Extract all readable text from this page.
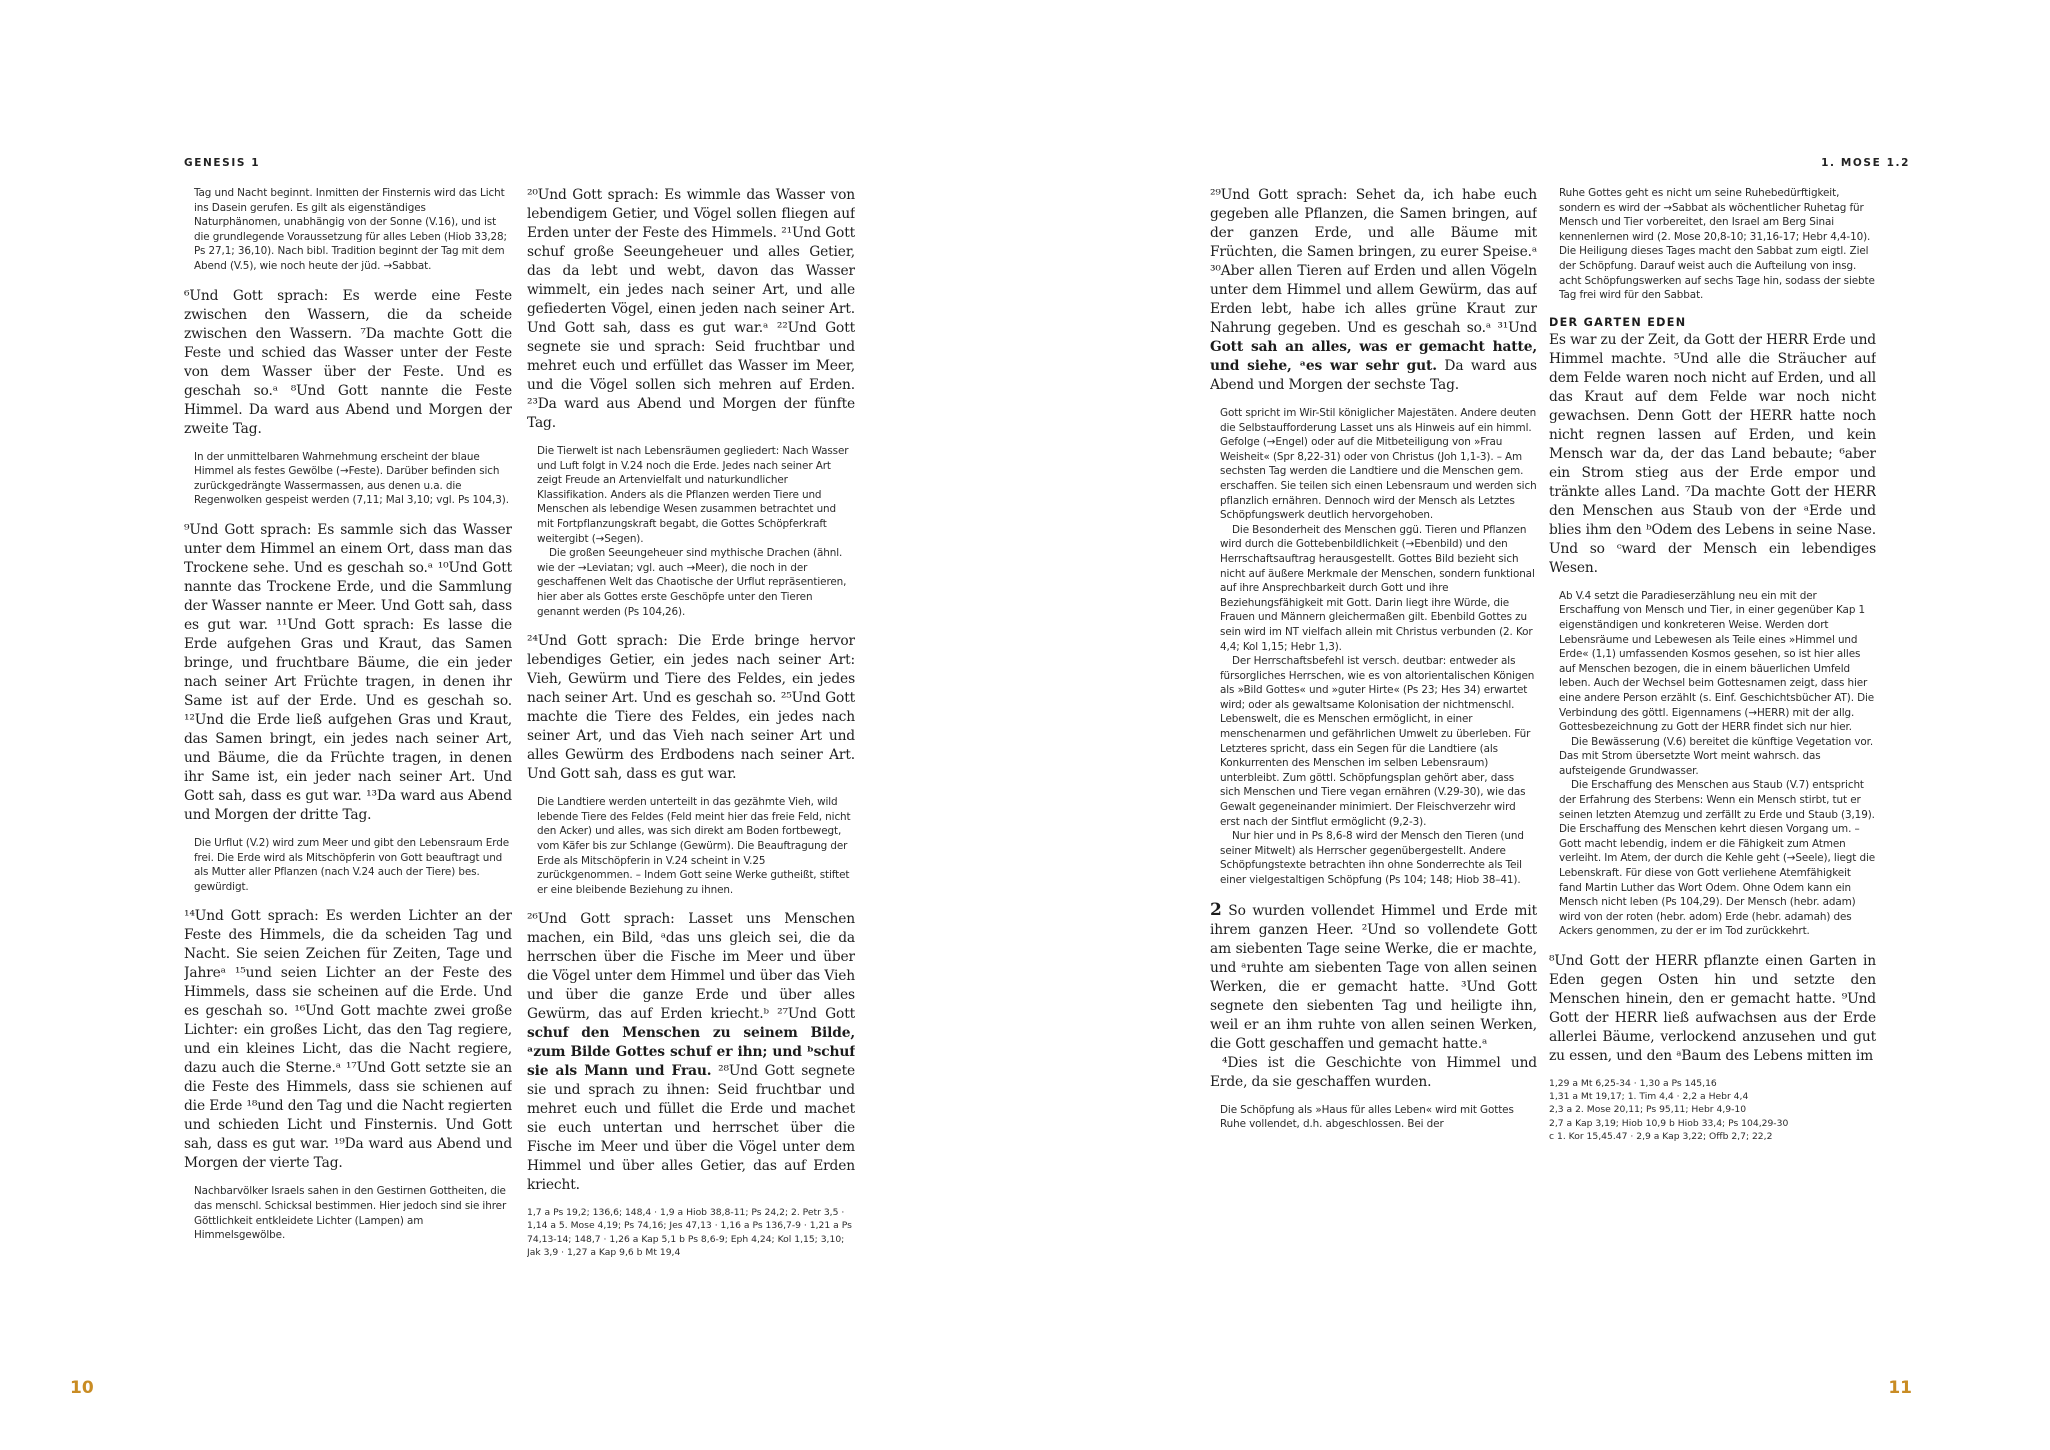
GENESIS 1
Tag und Nacht beginnt. Inmitten der Finsternis wird das Licht ins Dasein gerufen. Es gilt als eigenständiges Naturphänomen, unabhängig von der Sonne (V.16), und ist die grundlegende Voraussetzung für alles Leben (Hiob 33,28; Ps 27,1; 36,10). Nach bibl. Tradition beginnt der Tag mit dem Abend (V.5), wie noch heute der jüd. →Sabbat.
⁶Und Gott sprach: Es werde eine Feste zwischen den Wassern, die da scheide zwischen den Wassern. ⁷Da machte Gott die Feste und schied das Wasser unter der Feste von dem Wasser über der Feste. Und es geschah so.ᵃ ⁸Und Gott nannte die Feste Himmel. Da ward aus Abend und Morgen der zweite Tag.
In der unmittelbaren Wahrnehmung erscheint der blaue Himmel als festes Gewölbe (→Feste). Darüber befinden sich zurückgedrängte Wassermassen, aus denen u.a. die Regenwolken gespeist werden (7,11; Mal 3,10; vgl. Ps 104,3).
⁹Und Gott sprach: Es sammle sich das Wasser unter dem Himmel an einem Ort, dass man das Trockene sehe. Und es geschah so.ᵃ ¹⁰Und Gott nannte das Trockene Erde, und die Sammlung der Wasser nannte er Meer. Und Gott sah, dass es gut war. ¹¹Und Gott sprach: Es lasse die Erde aufgehen Gras und Kraut, das Samen bringe, und fruchtbare Bäume, die ein jeder nach seiner Art Früchte tragen, in denen ihr Same ist auf der Erde. Und es geschah so. ¹²Und die Erde ließ aufgehen Gras und Kraut, das Samen bringt, ein jedes nach seiner Art, und Bäume, die da Früchte tragen, in denen ihr Same ist, ein jeder nach seiner Art. Und Gott sah, dass es gut war. ¹³Da ward aus Abend und Morgen der dritte Tag.
Die Urflut (V.2) wird zum Meer und gibt den Lebensraum Erde frei. Die Erde wird als Mitschöpferin von Gott beauftragt und als Mutter aller Pflanzen (nach V.24 auch der Tiere) bes. gewürdigt.
¹⁴Und Gott sprach: Es werden Lichter an der Feste des Himmels, die da scheiden Tag und Nacht. Sie seien Zeichen für Zeiten, Tage und Jahreᵃ ¹⁵und seien Lichter an der Feste des Himmels, dass sie scheinen auf die Erde. Und es geschah so. ¹⁶Und Gott machte zwei große Lichter: ein großes Licht, das den Tag regiere, und ein kleines Licht, das die Nacht regiere, dazu auch die Sterne.ᵃ ¹⁷Und Gott setzte sie an die Feste des Himmels, dass sie schienen auf die Erde ¹⁸und den Tag und die Nacht regierten und schieden Licht und Finsternis. Und Gott sah, dass es gut war. ¹⁹Da ward aus Abend und Morgen der vierte Tag.
Nachbarvölker Israels sahen in den Gestirnen Gottheiten, die das menschl. Schicksal bestimmen. Hier jedoch sind sie ihrer Göttlichkeit entkleidete Lichter (Lampen) am Himmelsgewölbe.
²⁰Und Gott sprach: Es wimmle das Wasser von lebendigem Getier, und Vögel sollen fliegen auf Erden unter der Feste des Himmels. ²¹Und Gott schuf große Seeungeheuer und alles Getier, das da lebt und webt, davon das Wasser wimmelt, ein jedes nach seiner Art, und alle gefiederten Vögel, einen jeden nach seiner Art. Und Gott sah, dass es gut war.ᵃ ²²Und Gott segnete sie und sprach: Seid fruchtbar und mehret euch und erfüllet das Wasser im Meer, und die Vögel sollen sich mehren auf Erden. ²³Da ward aus Abend und Morgen der fünfte Tag.

Die Tierwelt ist nach Lebensräumen gegliedert: Nach Wasser und Luft folgt in V.24 noch die Erde. Jedes nach seiner Art zeigt Freude an Artenvielfalt und naturkundlicher Klassifikation. Anders als die Pflanzen werden Tiere und Menschen als lebendige Wesen zusammen betrachtet und mit Fortpflanzungskraft begabt, die Gottes Schöpferkraft weitergibt (→Segen).

Die großen Seeungeheuer sind mythische Drachen (ähnl. wie der →Leviatan; vgl. auch →Meer), die noch in der geschaffenen Welt das Chaotische der Urflut repräsentieren, hier aber als Gottes erste Geschöpfe unter den Tieren genannt werden (Ps 104,26).

²⁴Und Gott sprach: Die Erde bringe hervor lebendiges Getier, ein jedes nach seiner Art: Vieh, Gewürm und Tiere des Feldes, ein jedes nach seiner Art. Und es geschah so. ²⁵Und Gott machte die Tiere des Feldes, ein jedes nach seiner Art, und das Vieh nach seiner Art und alles Gewürm des Erdbodens nach seiner Art. Und Gott sah, dass es gut war.
Die Landtiere werden unterteilt in das gezähmte Vieh, wild lebende Tiere des Feldes (Feld meint hier das freie Feld, nicht den Acker) und alles, was sich direkt am Boden fortbewegt, vom Käfer bis zur Schlange (Gewürm). Die Beauftragung der Erde als Mitschöpferin in V.24 scheint in V.25 zurückgenommen. – Indem Gott seine Werke gutheißt, stiftet er eine bleibende Beziehung zu ihnen.
²⁶Und Gott sprach: Lasset uns Menschen machen, ein Bild, ᵃdas uns gleich sei, die da herrschen über die Fische im Meer und über die Vögel unter dem Himmel und über das Vieh und über die ganze Erde und über alles Gewürm, das auf Erden kriecht.ᵇ ²⁷Und Gott schuf den Menschen zu seinem Bilde, ᵃzum Bilde Gottes schuf er ihn; und ᵇschuf sie als Mann und Frau. ²⁸Und Gott segnete sie und sprach zu ihnen: Seid fruchtbar und mehret euch und füllet die Erde und machet sie euch untertan und herrschet über die Fische im Meer und über die Vögel unter dem Himmel und über alles Getier, das auf Erden kriecht.
1,7 a Ps 19,2; 136,6; 148,4 · 1,9 a Hiob 38,8-11; Ps 24,2; 2. Petr 3,5 · 1,14 a 5. Mose 4,19; Ps 74,16; Jes 47,13 · 1,16 a Ps 136,7-9 · 1,21 a Ps 74,13-14; 148,7 · 1,26 a Kap 5,1 b Ps 8,6-9; Eph 4,24; Kol 1,15; 3,10; Jak 3,9 · 1,27 a Kap 9,6 b Mt 19,4
10
1. MOSE 1.2
²⁹Und Gott sprach: Sehet da, ich habe euch gegeben alle Pflanzen, die Samen bringen, auf der ganzen Erde, und alle Bäume mit Früchten, die Samen bringen, zu eurer Speise.ᵃ ³⁰Aber allen Tieren auf Erden und allen Vögeln unter dem Himmel und allem Gewürm, das auf Erden lebt, habe ich alles grüne Kraut zur Nahrung gegeben. Und es geschah so.ᵃ ³¹Und Gott sah an alles, was er gemacht hatte, und siehe, ᵃes war sehr gut. Da ward aus Abend und Morgen der sechste Tag.

Gott spricht im Wir-Stil königlicher Majestäten. Andere deuten die Selbstaufforderung Lasset uns als Hinweis auf ein himml. Gefolge (→Engel) oder auf die Mitbeteiligung von »Frau Weisheit« (Spr 8,22-31) oder von Christus (Joh 1,1-3). – Am sechsten Tag werden die Landtiere und die Menschen gem. erschaffen. Sie teilen sich einen Lebensraum und werden sich pflanzlich ernähren. Dennoch wird der Mensch als Letztes Schöpfungswerk deutlich hervorgehoben.

Die Besonderheit des Menschen ggü. Tieren und Pflanzen wird durch die Gottebenbildlichkeit (→Ebenbild) und den Herrschaftsauftrag herausgestellt. Gottes Bild bezieht sich nicht auf äußere Merkmale der Menschen, sondern funktional auf ihre Ansprechbarkeit durch Gott und ihre Beziehungsfähigkeit mit Gott. Darin liegt ihre Würde, die Frauen und Männern gleichermaßen gilt. Ebenbild Gottes zu sein wird im NT vielfach allein mit Christus verbunden (2. Kor 4,4; Kol 1,15; Hebr 1,3).

Der Herrschaftsbefehl ist versch. deutbar: entweder als fürsorgliches Herrschen, wie es von altorientalischen Königen als »Bild Gottes« und »guter Hirte« (Ps 23; Hes 34) erwartet wird; oder als gewaltsame Kolonisation der nichtmenschl. Lebenswelt, die es Menschen ermöglicht, in einer menschenarmen und gefährlichen Umwelt zu überleben. Für Letzteres spricht, dass ein Segen für die Landtiere (als Konkurrenten des Menschen im selben Lebensraum) unterbleibt. Zum göttl. Schöpfungsplan gehört aber, dass sich Menschen und Tiere vegan ernähren (V.29-30), wie das Gewalt gegeneinander minimiert. Der Fleischverzehr wird erst nach der Sintflut ermöglicht (9,2-3).

Nur hier und in Ps 8,6-8 wird der Mensch den Tieren (und seiner Mitwelt) als Herrscher gegenübergestellt. Andere Schöpfungstexte betrachten ihn ohne Sonderrechte als Teil einer vielgestaltigen Schöpfung (Ps 104; 148; Hiob 38–41).

2 So wurden vollendet Himmel und Erde mit ihrem ganzen Heer. ²Und so vollendete Gott am siebenten Tage seine Werke, die er machte, und ᵃruhte am siebenten Tage von allen seinen Werken, die er gemacht hatte. ³Und Gott segnete den siebenten Tag und heiligte ihn, weil er an ihm ruhte von allen seinen Werken, die Gott geschaffen und gemacht hatte.ᵃ
⁴Dies ist die Geschichte von Himmel und Erde, da sie geschaffen wurden.
Die Schöpfung als »Haus für alles Leben« wird mit Gottes Ruhe vollendet, d.h. abgeschlossen. Bei der
Ruhe Gottes geht es nicht um seine Ruhebedürftigkeit, sondern es wird der →Sabbat als wöchentlicher Ruhetag für Mensch und Tier vorbereitet, den Israel am Berg Sinai kennenlernen wird (2. Mose 20,8-10; 31,16-17; Hebr 4,4-10). Die Heiligung dieses Tages macht den Sabbat zum eigtl. Ziel der Schöpfung. Darauf weist auch die Aufteilung von insg. acht Schöpfungswerken auf sechs Tage hin, sodass der siebte Tag frei wird für den Sabbat.
DER GARTEN EDEN
Es war zu der Zeit, da Gott der HERR Erde und Himmel machte. ⁵Und alle die Sträucher auf dem Felde waren noch nicht auf Erden, und all das Kraut auf dem Felde war noch nicht gewachsen. Denn Gott der HERR hatte noch nicht regnen lassen auf Erden, und kein Mensch war da, der das Land bebaute; ⁶aber ein Strom stieg aus der Erde empor und tränkte alles Land. ⁷Da machte Gott der HERR den Menschen aus Staub von der ᵃErde und blies ihm den ᵇOdem des Lebens in seine Nase. Und so ᶜward der Mensch ein lebendiges Wesen.

Ab V.4 setzt die Paradieserzählung neu ein mit der Erschaffung von Mensch und Tier, in einer gegenüber Kap 1 eigenständigen und konkreteren Weise. Werden dort Lebensräume und Lebewesen als Teile eines »Himmel und Erde« (1,1) umfassenden Kosmos gesehen, so ist hier alles auf Menschen bezogen, die in einem bäuerlichen Umfeld leben. Auch der Wechsel beim Gottesnamen zeigt, dass hier eine andere Person erzählt (s. Einf. Geschichtsbücher AT). Die Verbindung des göttl. Eigennamens (→HERR) mit der allg. Gottesbezeichnung zu Gott der HERR findet sich nur hier.

Die Bewässerung (V.6) bereitet die künftige Vegetation vor. Das mit Strom übersetzte Wort meint wahrsch. das aufsteigende Grundwasser.

Die Erschaffung des Menschen aus Staub (V.7) entspricht der Erfahrung des Sterbens: Wenn ein Mensch stirbt, tut er seinen letzten Atemzug und zerfällt zu Erde und Staub (3,19). Die Erschaffung des Menschen kehrt diesen Vorgang um. – Gott macht lebendig, indem er die Fähigkeit zum Atmen verleiht. Im Atem, der durch die Kehle geht (→Seele), liegt die Lebenskraft. Für diese von Gott verliehene Atemfähigkeit fand Martin Luther das Wort Odem. Ohne Odem kann ein Mensch nicht leben (Ps 104,29). Der Mensch (hebr. adam) wird von der roten (hebr. adom) Erde (hebr. adamah) des Ackers genommen, zu der er im Tod zurückkehrt.

⁸Und Gott der HERR pflanzte einen Garten in Eden gegen Osten hin und setzte den Menschen hinein, den er gemacht hatte. ⁹Und Gott der HERR ließ aufwachsen aus der Erde allerlei Bäume, verlockend anzusehen und gut zu essen, und den ᵃBaum des Lebens mitten im
1,29 a Mt 6,25-34 · 1,30 a Ps 145,16
1,31 a Mt 19,17; 1. Tim 4,4 · 2,2 a Hebr 4,4
2,3 a 2. Mose 20,11; Ps 95,11; Hebr 4,9-10
2,7 a Kap 3,19; Hiob 10,9 b Hiob 33,4; Ps 104,29-30
c 1. Kor 15,45.47 · 2,9 a Kap 3,22; Offb 2,7; 22,2
11
